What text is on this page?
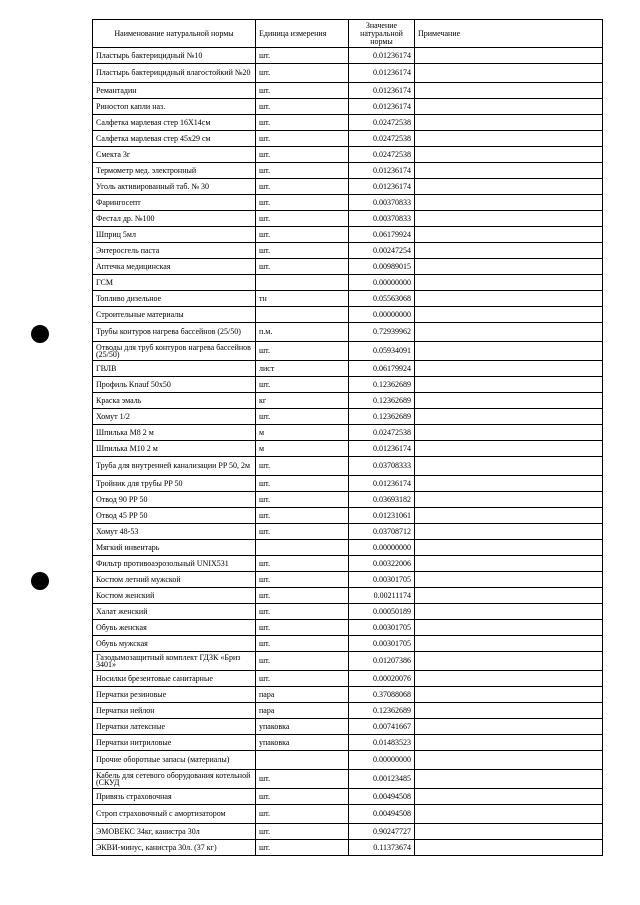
Наименование натуральной нормы	Единица измерения	Значение натуральной нормы	Примечание
Пластырь бактерицидный №10	шт.	0.01236174	
Пластырь бактерицидный влагостойкий №20	шт.	0.01236174	
Ремантадин	шт.	0.01236174	
Риностоп капли наз.	шт.	0.01236174	
Салфетка марлевая стер 16Х14см	шт.	0.02472538	
Салфетка марлевая стер 45х29 см	шт.	0.02472538	
Смекта 3г	шт.	0.02472538	
Термометр мед. электронный	шт.	0.01236174	
Уголь активированный таб. № 30	шт.	0.01236174	
Фарингосепт	шт.	0.00370833	
Фестал др. №100	шт.	0.00370833	
Шприц 5мл	шт.	0.06179924	
Энтеросгель паста	шт.	0.00247254	
Аптечка медицинская	шт.	0.00989015	
ГСМ		0.00000000	
Топливо дизельное	тн	0.05563068	
Строительные материалы		0.00000000	
Трубы контуров нагрева бассейнов (25/50)	п.м.	0.72939962	
Отводы для труб контуров нагрева бассейнов (25/50)	шт.	0.05934091	
ГВЛВ	лист	0.06179924	
Профиль Knauf 50х50	шт.	0.12362689	
Краска эмаль	кг	0.12362689	
Хомут 1/2	шт.	0.12362689	
Шпилька М8 2 м	м	0.02472538	
Шпилька М10 2 м	м	0.01236174	
Труба для внутренней канализации PP 50, 2м	шт.	0.03708333	
Тройник для трубы PP 50	шт.	0.01236174	
Отвод 90 PP 50	шт.	0.03693182	
Отвод 45 PP 50	шт.	0.01231061	
Хомут 48-53	шт.	0.03708712	
Мягкий инвентарь		0.00000000	
Фильтр противоаэрозольный UNIX531	шт.	0.00322006	
Костюм летний мужской	шт.	0.00301705	
Костюм женский	шт.	0.00211174	
Халат женский	шт.	0.00050189	
Обувь женская	шт.	0.00301705	
Обувь мужская	шт.	0.00301705	
Газодымозащитный комплект ГДЗК «Бриз 3401»	шт.	0.01207386	
Носилки брезентовые санитарные	шт.	0.00020076	
Перчатки резиновые	пара	0.37088068	
Перчатки нейлон	пара	0.12362689	
Перчатки латексные	упаковка	0.00741667	
Перчатки нитриловые	упаковка	0.01483523	
Прочие оборотные запасы (материалы)		0.00000000	
Кабель для сетевого оборудования котельной (СКУД	шт.	0.00123485	
Привязь страховочная	шт.	0.00494508	
Строп страховочный с амортизатором	шт.	0.00494508	
ЭМОВЕКС 34кг, канистра 30л	шт.	0.90247727	
ЭКВИ-минус, канистра 30л. (37 кг)	шт.	0.11373674	
